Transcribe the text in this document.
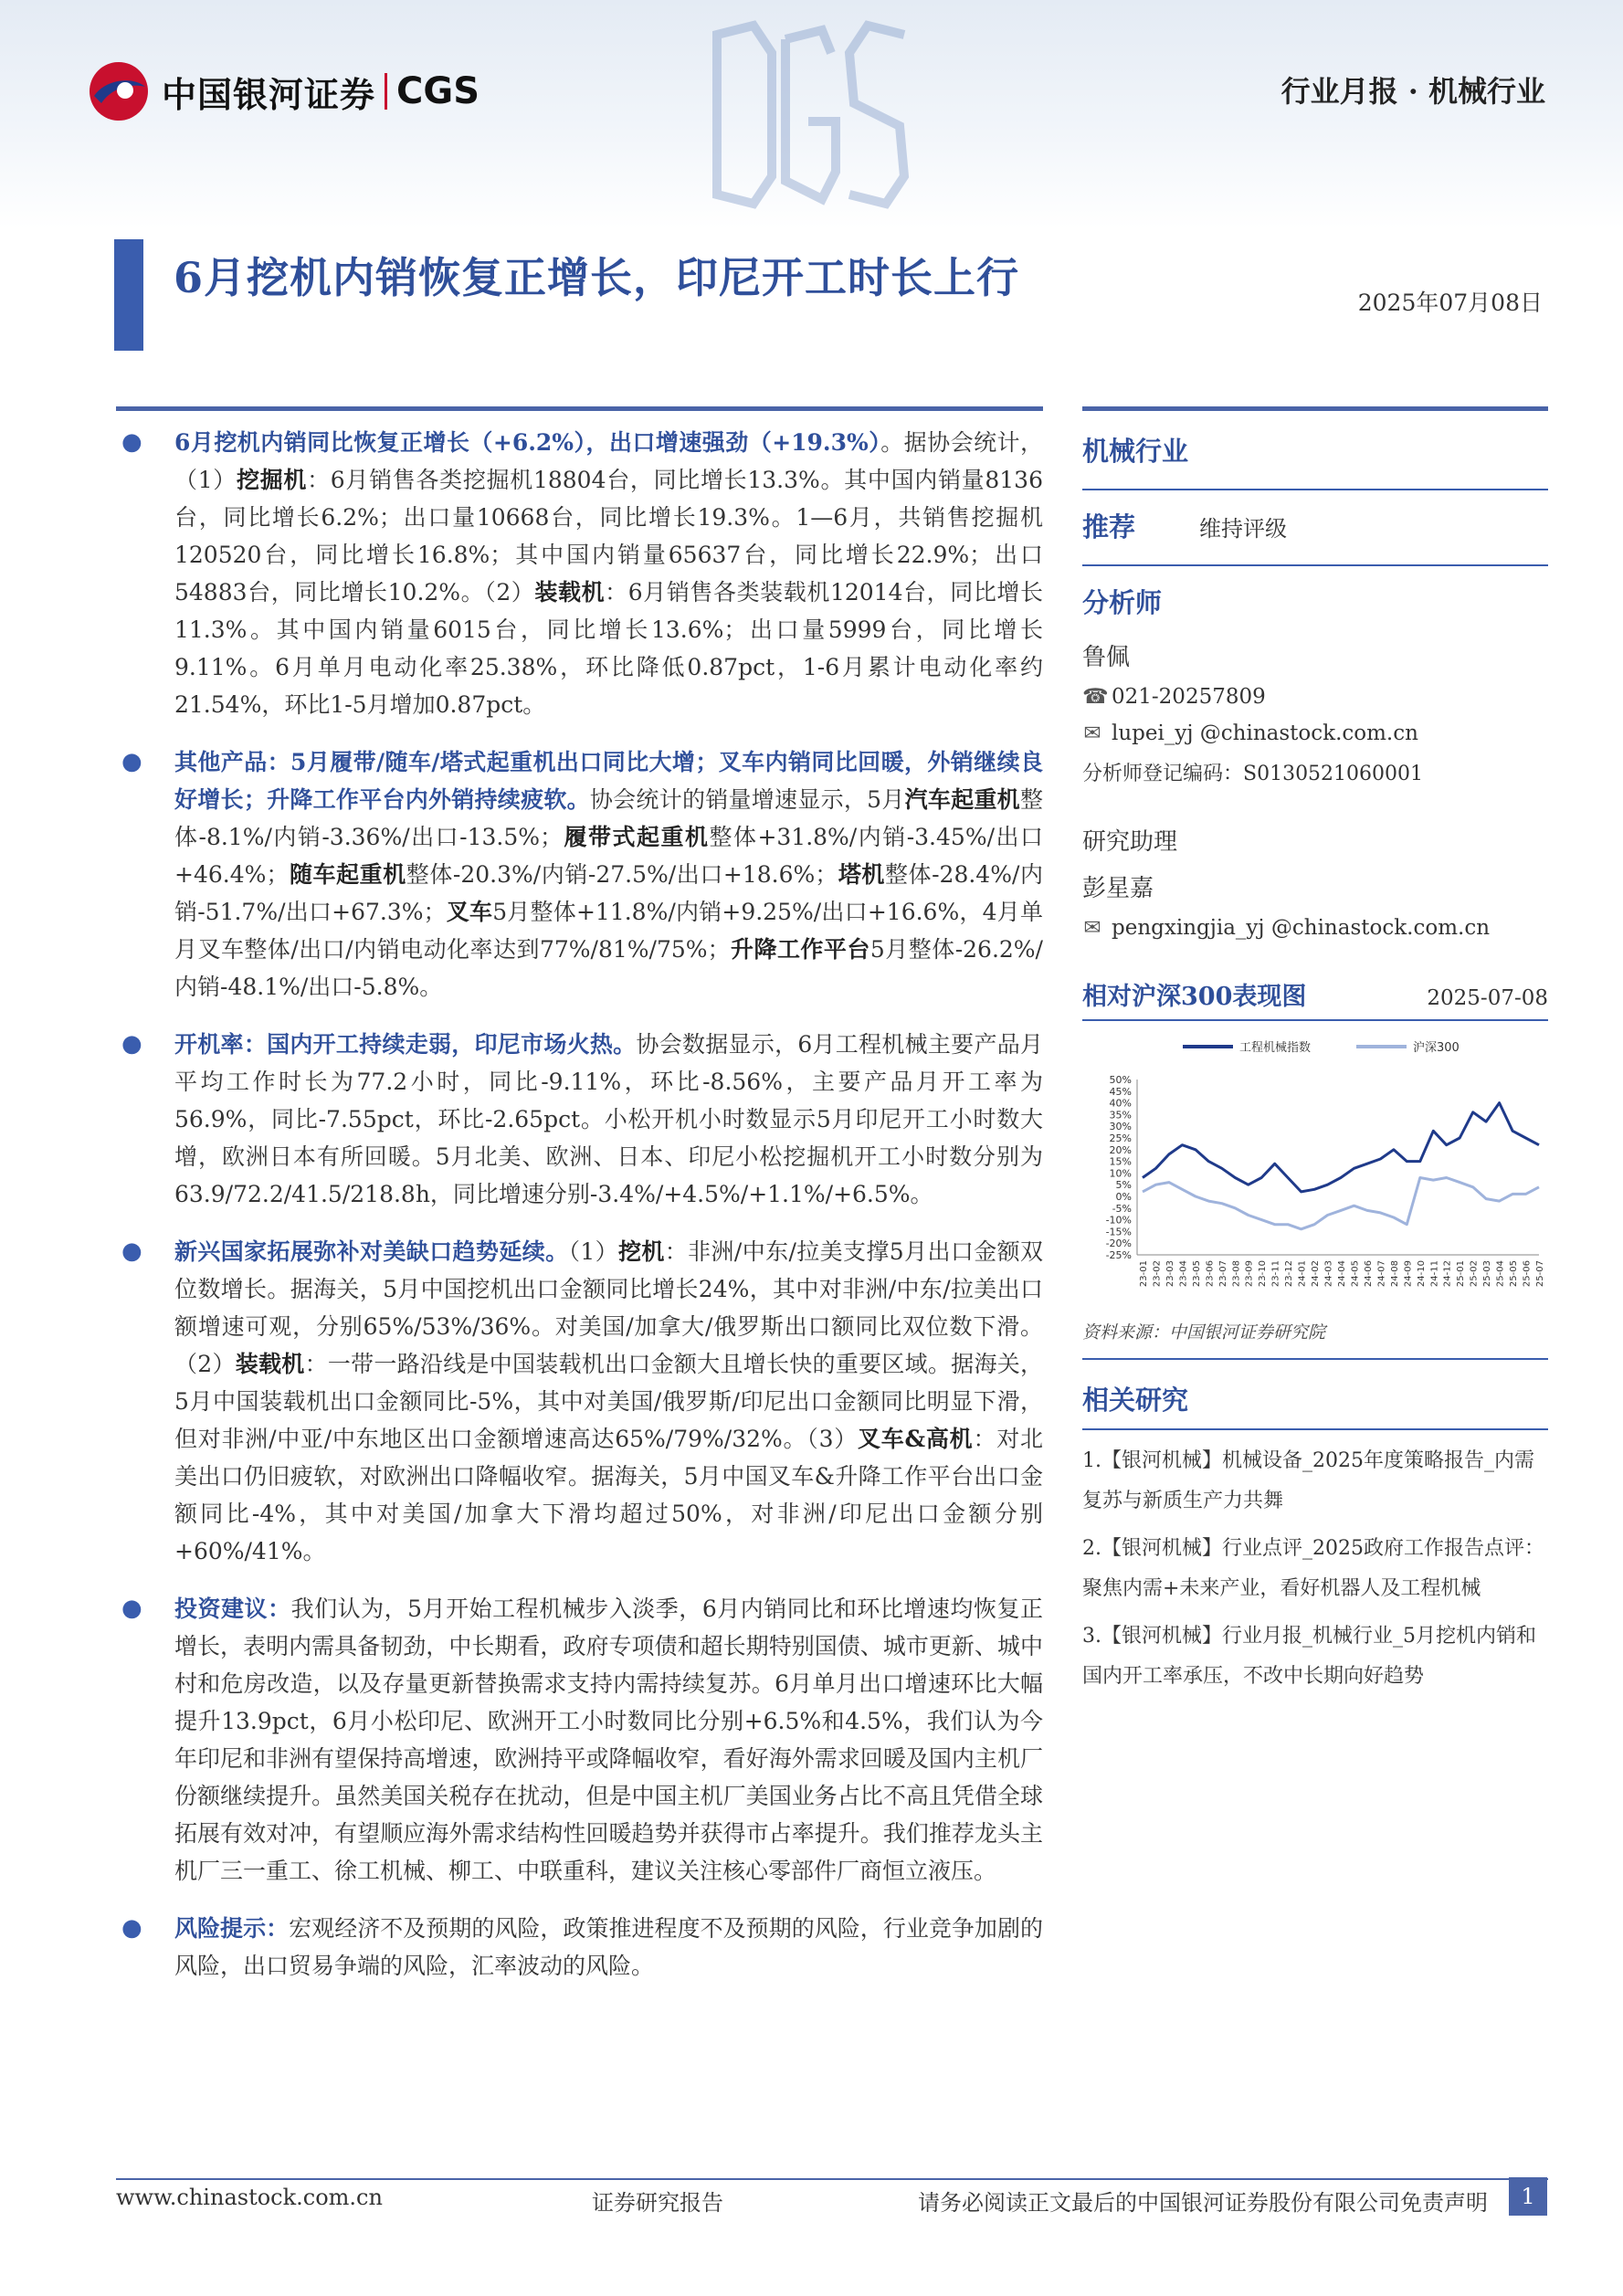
中国银河证券 CGS	行业月报 · 机械行业
6月挖机内销恢复正增长，印尼开工时长上行
2025年07月08日
● 6月挖机内销同比恢复正增长（+6.2%），出口增速强劲（+19.3%）。据协会统计，（1）挖掘机：6月销售各类挖掘机18804台，同比增长13.3%。其中国内销量8136台，同比增长6.2%；出口量10668台，同比增长19.3%。1—6月，共销售挖掘机120520台，同比增长16.8%；其中国内销量65637台，同比增长22.9%；出口54883台，同比增长10.2%。（2）装载机：6月销售各类装载机12014台，同比增长11.3%。其中国内销量6015台，同比增长13.6%；出口量5999台，同比增长9.11%。6月单月电动化率25.38%，环比降低0.87pct，1-6月累计电动化率约21.54%，环比1-5月增加0.87pct。
● 其他产品：5月履带/随车/塔式起重机出口同比大增；叉车内销同比回暖，外销继续良好增长；升降工作平台内外销持续疲软。协会统计的销量增速显示，5月汽车起重机整体-8.1%/内销-3.36%/出口-13.5%；履带式起重机整体+31.8%/内销-3.45%/出口+46.4%；随车起重机整体-20.3%/内销-27.5%/出口+18.6%；塔机整体-28.4%/内销-51.7%/出口+67.3%；叉车5月整体+11.8%/内销+9.25%/出口+16.6%，4月单月叉车整体/出口/内销电动化率达到77%/81%/75%；升降工作平台5月整体-26.2%/内销-48.1%/出口-5.8%。
● 开机率：国内开工持续走弱，印尼市场火热。协会数据显示，6月工程机械主要产品月平均工作时长为77.2小时，同比-9.11%，环比-8.56%，主要产品月开工率为56.9%，同比-7.55pct，环比-2.65pct。小松开机小时数显示5月印尼开工小时数大增，欧洲日本有所回暖。5月北美、欧洲、日本、印尼小松挖掘机开工小时数分别为63.9/72.2/41.5/218.8h，同比增速分别-3.4%/+4.5%/+1.1%/+6.5%。
● 新兴国家拓展弥补对美缺口趋势延续。（1）挖机：非洲/中东/拉美支撑5月出口金额双位数增长。据海关，5月中国挖机出口金额同比增长24%，其中对非洲/中东/拉美出口额增速可观，分别65%/53%/36%。对美国/加拿大/俄罗斯出口额同比双位数下滑。（2）装载机：一带一路沿线是中国装载机出口金额大且增长快的重要区域。据海关，5月中国装载机出口金额同比-5%，其中对美国/俄罗斯/印尼出口金额同比明显下滑，但对非洲/中亚/中东地区出口金额增速高达65%/79%/32%。（3）叉车&高机：对北美出口仍旧疲软，对欧洲出口降幅收窄。据海关，5月中国叉车&升降工作平台出口金额同比-4%，其中对美国/加拿大下滑均超过50%，对非洲/印尼出口金额分别+60%/41%。
● 投资建议：我们认为，5月开始工程机械步入淡季，6月内销同比和环比增速均恢复正增长，表明内需具备韧劲，中长期看，政府专项债和超长期特别国债、城市更新、城中村和危房改造，以及存量更新替换需求支持内需持续复苏。6月单月出口增速环比大幅提升13.9pct，6月小松印尼、欧洲开工小时数同比分别+6.5%和4.5%，我们认为今年印尼和非洲有望保持高增速，欧洲持平或降幅收窄，看好海外需求回暖及国内主机厂份额继续提升。虽然美国关税存在扰动，但是中国主机厂美国业务占比不高且凭借全球拓展有效对冲，有望顺应海外需求结构性回暖趋势并获得市占率提升。我们推荐龙头主机厂三一重工、徐工机械、柳工、中联重科，建议关注核心零部件厂商恒立液压。
● 风险提示：宏观经济不及预期的风险，政策推进程度不及预期的风险，行业竞争加剧的风险，出口贸易争端的风险，汇率波动的风险。
机械行业
推荐	维持评级
分析师
鲁佩
☎ 021-20257809
✉ lupei_yj @chinastock.com.cn
分析师登记编码：S0130521060001
研究助理
彭星嘉
✉ pengxingjia_yj @chinastock.com.cn
相对沪深300表现图	2025-07-08
工程机械指数	沪深300
50%
45%
40%
35%
30%
25%
20%
15%
10%
5%
0%
-5%
-10%
-15%
-20%
-25%
23-01 23-02 23-03 23-04 23-05 23-06 23-07 23-08 23-09 23-10 23-11 23-12 24-01 24-02 24-03 24-04 24-05 24-06 24-07 24-08 24-09 24-10 24-11 24-12 25-01 25-02 25-03 25-04 25-05 25-06 25-07
资料来源：中国银河证券研究院
相关研究
1.【银河机械】机械设备_2025年度策略报告_内需复苏与新质生产力共舞
2.【银河机械】行业点评_2025政府工作报告点评：聚焦内需+未来产业，看好机器人及工程机械
3.【银河机械】行业月报_机械行业_5月挖机内销和国内开工率承压，不改中长期向好趋势
www.chinastock.com.cn	证券研究报告	请务必阅读正文最后的中国银河证券股份有限公司免责声明	1
